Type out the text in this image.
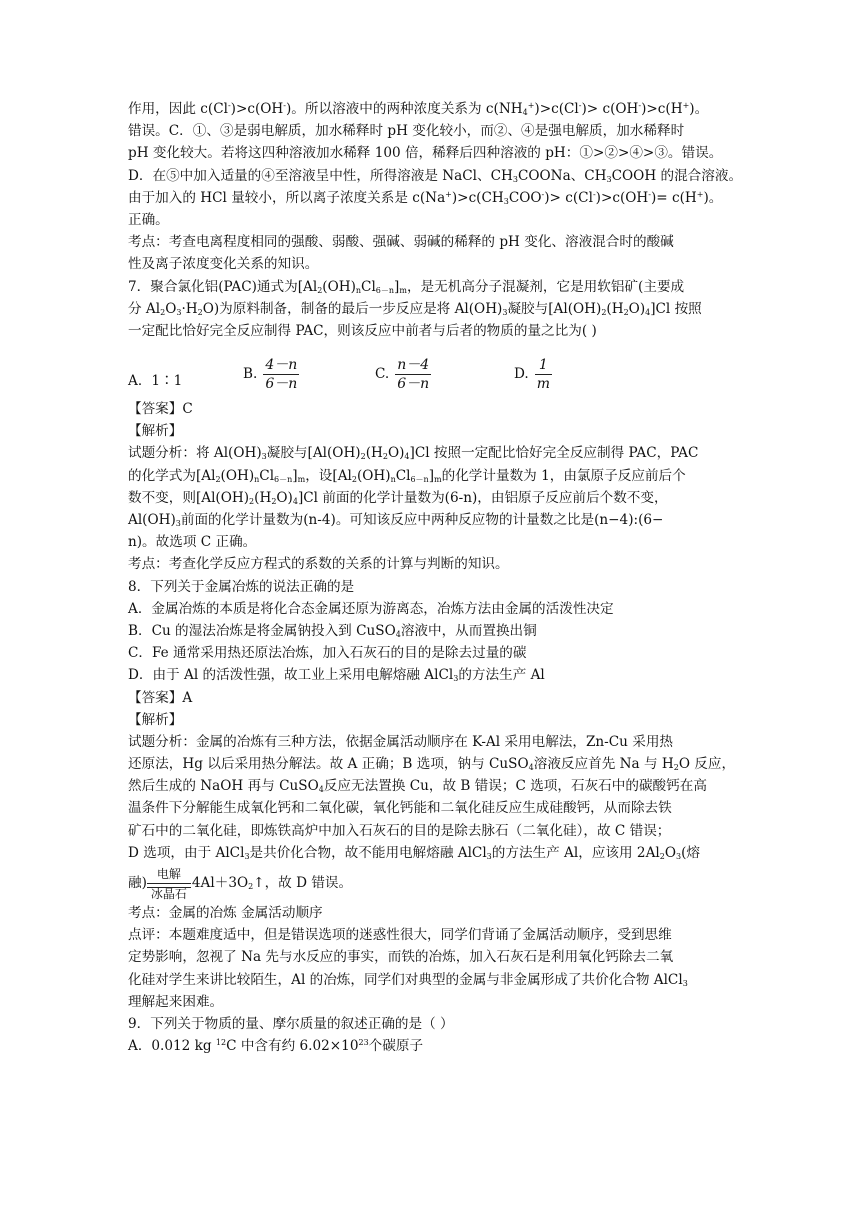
作用，因此 c(Cl-)>c(OH-)。所以溶液中的两种浓度关系为 $c(NH_4^+)>c(Cl^-)> c(OH^-)>c(H^+)$。
错误。C．①、③是弱电解质，加水稀释时 pH 变化较小，而②、④是强电解质，加水稀释时
pH 变化较大。若将这四种溶液加水稀释 100 倍，稀释后四种溶液的 pH：①>②>④>③。错误。
D．在⑤中加入适量的④至溶液呈中性，所得溶液是 NaCl、$CH_3COONa$、$CH_3COOH$ 的混合溶液。
由于加入的 HCl 量较小，所以离子浓度关系是 $c(Na^+)>c(CH_3COO^-)> c(Cl^-)>c(OH^-)= c(H^+)$。
正确。
考点：考查电离程度相同的强酸、弱酸、强碱、弱碱的稀释的 pH 变化、溶液混合时的酸碱
性及离子浓度变化关系的知识。
7．聚合氯化铝(PAC)通式为$[Al_2(OH)_nCl_{6-n}]_m$，是无机高分子混凝剂，它是用软铝矿(主要成
分 $Al_2O_3\cdot H_2O$)为原料制备，制备的最后一步反应是将 $Al(OH)_3$凝胶与$[Al(OH)_2(H_2O)_4]Cl$ 按照
一定配比恰好完全反应制得 PAC，则该反应中前者与后者的物质的量之比为( )
A．1∶1	B. $\frac{4-n}{6-n}$	C. $\frac{n-4}{6-n}$	D. $\frac{1}{m}$
【答案】C
【解析】
试题分析：将 $Al(OH)_3$凝胶与$[Al(OH)_2(H_2O)_4]Cl$ 按照一定配比恰好完全反应制得 PAC，PAC
的化学式为$[Al_2(OH)_nCl_{6-n}]_m$，设$[Al_2(OH)_nCl_{6-n}]_m$的化学计量数为 1，由氯原子反应前后个
数不变，则$[Al(OH)_2(H_2O)_4]Cl$ 前面的化学计量数为(6-n)，由铝原子反应前后个数不变，
$Al(OH)_3$前面的化学计量数为(n-4)。可知该反应中两种反应物的计量数之比是(n−4):(6−
n)。故选项 C 正确。
考点：考查化学反应方程式的系数的关系的计算与判断的知识。
8．下列关于金属冶炼的说法正确的是
A．金属冶炼的本质是将化合态金属还原为游离态，冶炼方法由金属的活泼性决定
B．Cu 的湿法冶炼是将金属钠投入到 CuSO$_4$溶液中，从而置换出铜
C．Fe 通常采用热还原法冶炼，加入石灰石的目的是除去过量的碳
D．由于 Al 的活泼性强，故工业上采用电解熔融 AlCl$_3$的方法生产 Al
【答案】A
【解析】
试题分析：金属的冶炼有三种方法，依据金属活动顺序在 K-Al 采用电解法，Zn-Cu 采用热
还原法，Hg 以后采用热分解法。故 A 正确；B 选项，钠与 CuSO$_4$溶液反应首先 Na 与 $H_2O$ 反应，
然后生成的 NaOH 再与 CuSO$_4$反应无法置换 Cu，故 B 错误；C 选项，石灰石中的碳酸钙在高
温条件下分解能生成氧化钙和二氧化碳，氧化钙能和二氧化硅反应生成硅酸钙，从而除去铁
矿石中的二氧化硅，即炼铁高炉中加入石灰石的目的是除去脉石（二氧化硅），故 C 错误；
D 选项，由于 AlCl$_3$是共价化合物，故不能用电解熔融 AlCl$_3$的方法生产 Al，应该用 $2Al_2O_3$(熔
融)
电解
冰晶石
$4Al+3O_2↑$，故 D 错误。
考点：金属的冶炼 金属活动顺序
点评：本题难度适中，但是错误选项的迷惑性很大，同学们背诵了金属活动顺序，受到思维
定势影响，忽视了 Na 先与水反应的事实，而铁的冶炼，加入石灰石是利用氧化钙除去二氧
化硅对学生来讲比较陌生，Al 的冶炼，同学们对典型的金属与非金属形成了共价化合物 AlCl$_3$
理解起来困难。
9．下列关于物质的量、摩尔质量的叙述正确的是（ ）
A．0.012 kg $^{12}$C 中含有约 $6.02\times 10^{23}$个碳原子
